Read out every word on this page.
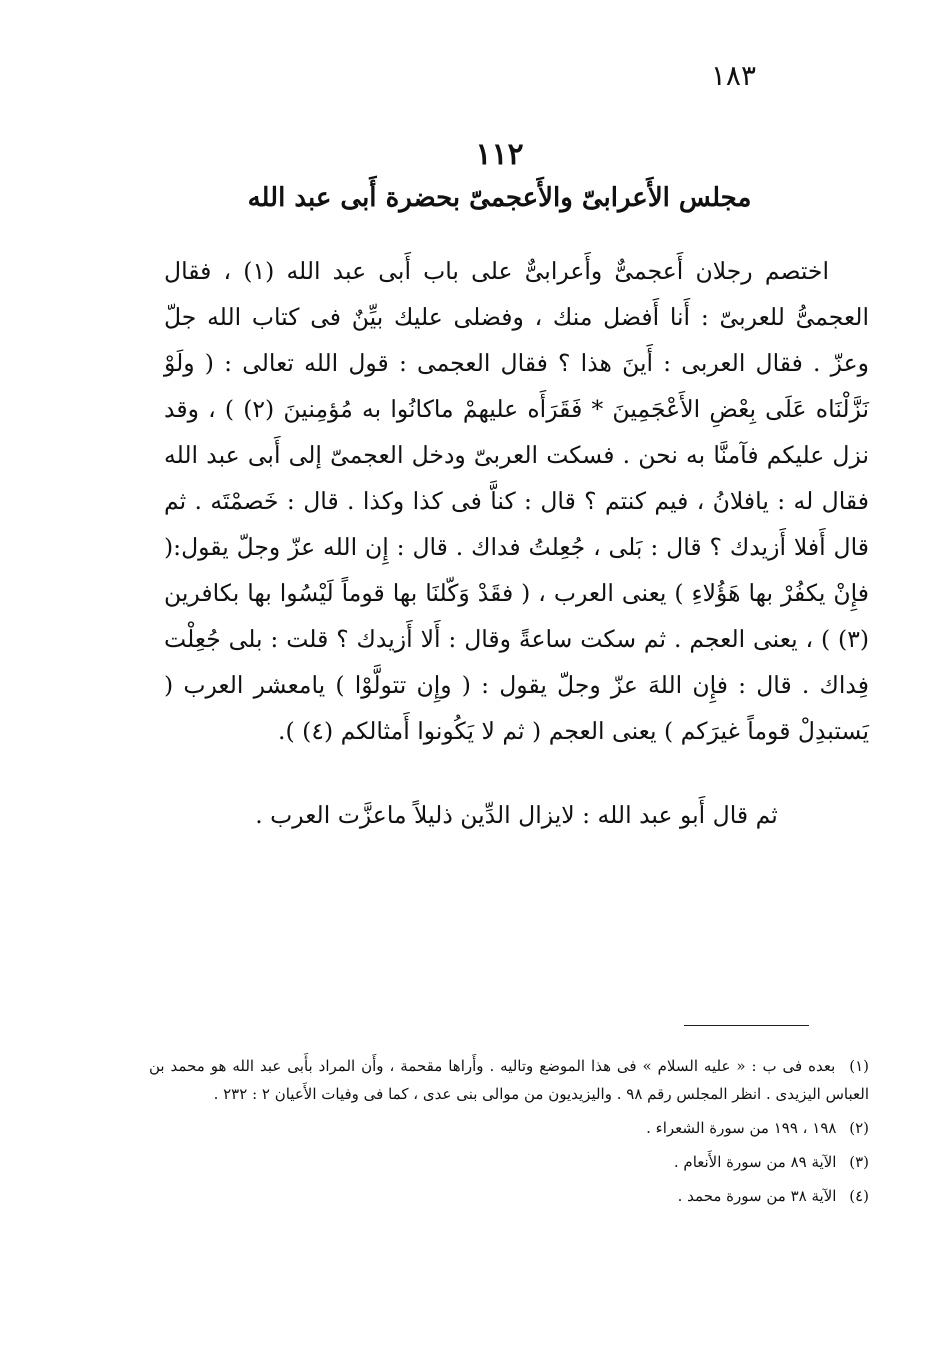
١٨٣
١١٢
مجلس الأَعرابىّ والأَعجمىّ بحضرة أَبى عبد الله

اختصم رجلان أَعجمىٌّ وأَعرابىٌّ على باب أَبى عبد الله (١) ، فقال العجمىُّ للعربىّ : أَنا أَفضل منك ، وفضلى عليك بيِّنٌ فى كتاب الله جلّ وعزّ . فقال العربى : أَينَ هذا ؟ فقال العجمى : قول الله تعالى : ( ولَوْ نَزَّلْنَاه عَلَى بِعْضِ الأَعْجَمِينَ * فَقَرَأَه عليهمْ ماكانُوا به مُؤمِنينَ (٢) ) ، وقد نزل عليكم فآمنَّا به نحن . فسكت العربىّ ودخل العجمىّ إلى أَبى عبد الله فقال له : يافلانُ ، فيم كنتم ؟ قال : كناَّ فى كذا وكذا . قال : خَصمْتَه . ثم قال أَفلا أَزيدك ؟ قال : بَلى ، جُعِلتُ فداك . قال : إِن الله عزّ وجلّ يقول:( فإِنْ يكفُرْ بها هَؤُلاءِ ) يعنى العرب ، ( فقَدْ وَكّلنَا بها قوماً لَيْسُوا بها بكافرين (٣) ) ، يعنى العجم . ثم سكت ساعةً وقال : أَلا أَزيدك ؟ قلت : بلى جُعِلْت فِداك . قال : فإِن اللهَ عزّ وجلّ يقول : ( وإِن تتولَّوْا ) يامعشر العرب ( يَستبدِلْ قوماً غيرَكم ) يعنى العجم ( ثم لا يَكُونوا أَمثالكم (٤) ).

ثم قال أَبو عبد الله : لايزال الدِّين ذليلاً ماعزَّت العرب .

(١) بعده فى ب : « عليه السلام » فى هذا الموضع وتاليه . وأَراها مقحمة ، وأَن المراد بأَبى عبد الله هو محمد بن العباس اليزيدى . انظر المجلس رقم ٩٨ . واليزيديون من موالى بنى عدى ، كما فى وفيات الأَعيان ٢ : ٢٣٢ .

(٢) ١٩٨ ، ١٩٩ من سورة الشعراء .

(٣) الآية ٨٩ من سورة الأَنعام .

(٤) الآية ٣٨ من سورة محمد .
